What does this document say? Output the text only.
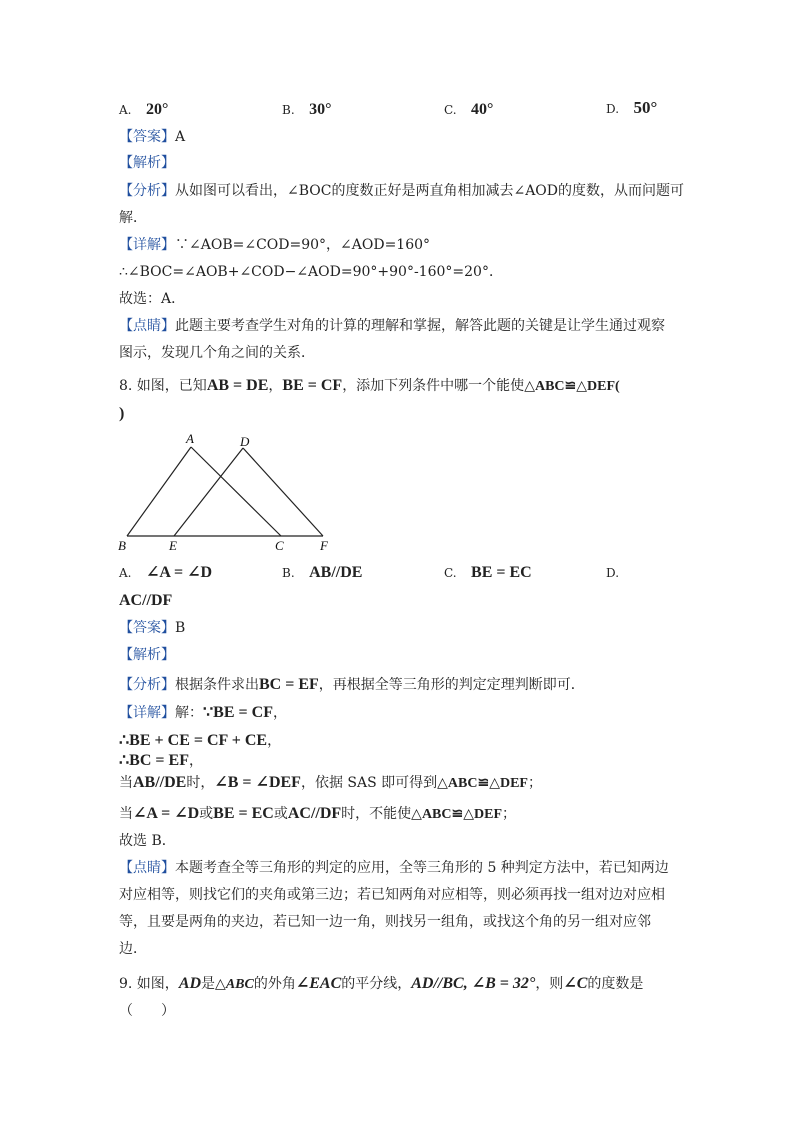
A. 20°	B. 30°	C. 40°	D. 50°
【答案】A
【解析】
【分析】从如图可以看出，∠BOC的度数正好是两直角相加减去∠AOD的度数，从而问题可
解．
【详解】∵∠AOB=∠COD=90°，∠AOD=160°
∴∠BOC=∠AOB+∠COD−∠AOD=90°+90°-160°=20°．
故选：A．
【点睛】此题主要考查学生对角的计算的理解和掌握，解答此题的关键是让学生通过观察
图示，发现几个角之间的关系．
8. 如图，已知AB = DE，BE = CF，添加下列条件中哪一个能使△ABC≌△DEF(
)
A	D
B	E	C	F
A. ∠A = ∠D	B. AB//DE	C. BE = EC	D.
AC//DF
【答案】B
【解析】
【分析】根据条件求出BC = EF，再根据全等三角形的判定定理判断即可．
【详解】解：∵BE = CF，
∴BE + CE = CF + CE，
∴BC = EF，
当AB//DE时，∠B = ∠DEF，依据 SAS 即可得到△ABC≌△DEF；
当∠A = ∠D或BE = EC或AC//DF时，不能使△ABC≌△DEF；
故选 B．
【点睛】本题考查全等三角形的判定的应用，全等三角形的 5 种判定方法中，若已知两边
对应相等，则找它们的夹角或第三边；若已知两角对应相等，则必须再找一组对边对应相
等，且要是两角的夹边，若已知一边一角，则找另一组角，或找这个角的另一组对应邻
边．
9. 如图，AD是△ABC的外角∠EAC的平分线，AD//BC, ∠B = 32°，则∠C的度数是
（　　）
